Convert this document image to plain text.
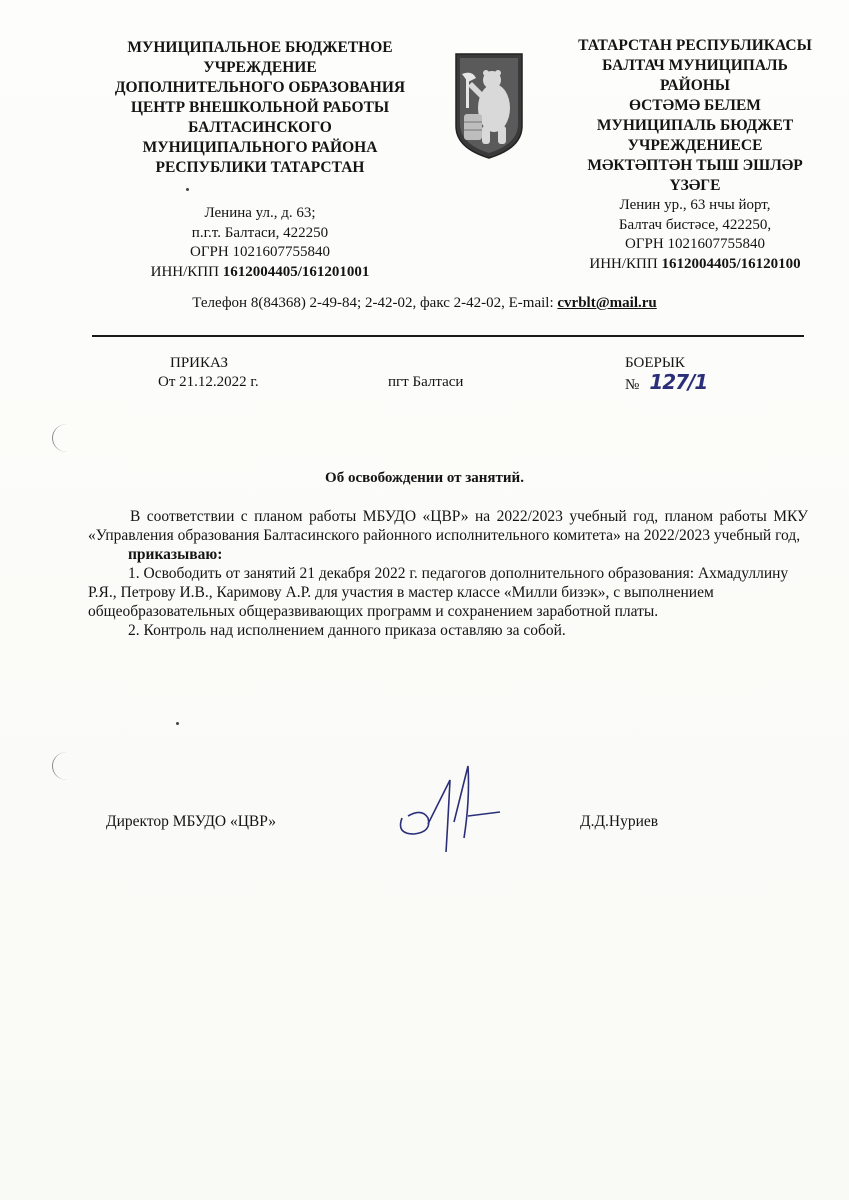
МУНИЦИПАЛЬНОЕ БЮДЖЕТНОЕ
УЧРЕЖДЕНИЕ
ДОПОЛНИТЕЛЬНОГО ОБРАЗОВАНИЯ
ЦЕНТР ВНЕШКОЛЬНОЙ РАБОТЫ
БАЛТАСИНСКОГО
МУНИЦИПАЛЬНОГО РАЙОНА
РЕСПУБЛИКИ ТАТАРСТАН
Ленина ул., д. 63;
п.г.т. Балтаси, 422250
ОГРН 1021607755840
ИНН/КПП 1612004405/161201001
ТАТАРСТАН РЕСПУБЛИКАСЫ
БАЛТАЧ МУНИЦИПАЛЬ
РАЙОНЫ
ӨСТӘМӘ БЕЛЕМ
МУНИЦИПАЛЬ БЮДЖЕТ
УЧРЕЖДЕНИЕСЕ
МӘКТӘПТӘН ТЫШ ЭШЛӘР
ҮЗӘГЕ
Ленин ур., 63 нчы йорт,
Балтач бистәсе, 422250,
ОГРН 1021607755840
ИНН/КПП 1612004405/16120100
Телефон 8(84368) 2-49-84; 2-42-02, факс 2-42-02, E-mail: cvrblt@mail.ru
ПРИКАЗ
От 21.12.2022 г.	пгт Балтаси
БОЕРЫК
№ 127/1
Об освобождении от занятий.

В соответствии с планом работы МБУДО «ЦВР» на 2022/2023 учебный год, планом работы МКУ «Управления образования Балтасинского районного исполнительного комитета» на 2022/2023 учебный год,

приказываю:

1. Освободить от занятий 21 декабря 2022 г. педагогов дополнительного образования: Ахмадуллину Р.Я., Петрову И.В., Каримову А.Р. для участия в мастер классе «Милли бизэк», с выполнением общеобразовательных общеразвивающих программ и сохранением заработной платы.

2. Контроль над исполнением данного приказа оставляю за собой.

Директор МБУДО «ЦВР»	Д.Д.Нуриев
